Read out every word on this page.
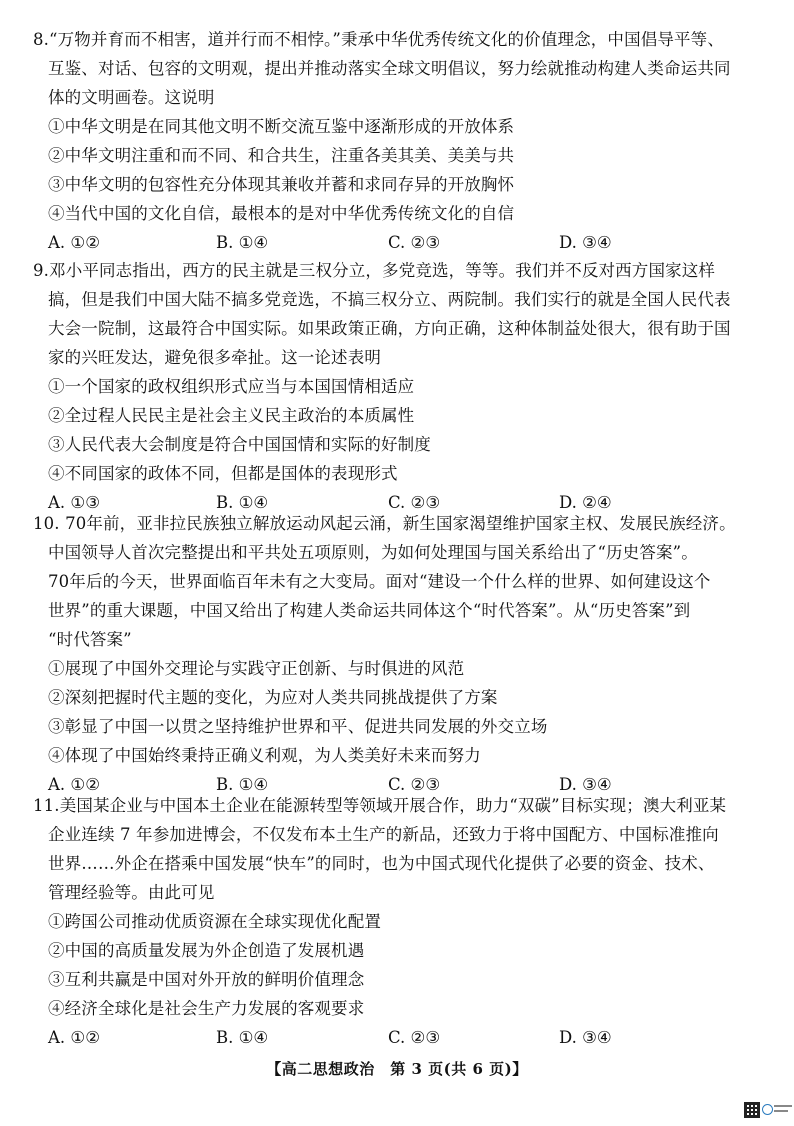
8.“万物并育而不相害，道并行而不相悖。”秉承中华优秀传统文化的价值理念，中国倡导平等、
互鉴、对话、包容的文明观，提出并推动落实全球文明倡议，努力绘就推动构建人类命运共同
体的文明画卷。这说明
①中华文明是在同其他文明不断交流互鉴中逐渐形成的开放体系
②中华文明注重和而不同、和合共生，注重各美其美、美美与共
③中华文明的包容性充分体现其兼收并蓄和求同存异的开放胸怀
④当代中国的文化自信，最根本的是对中华优秀传统文化的自信
A. ①②	B. ①④	C. ②③	D. ③④
9.邓小平同志指出，西方的民主就是三权分立，多党竞选，等等。我们并不反对西方国家这样
搞，但是我们中国大陆不搞多党竞选，不搞三权分立、两院制。我们实行的就是全国人民代表
大会一院制，这最符合中国实际。如果政策正确，方向正确，这种体制益处很大，很有助于国
家的兴旺发达，避免很多牵扯。这一论述表明
①一个国家的政权组织形式应当与本国国情相适应
②全过程人民民主是社会主义民主政治的本质属性
③人民代表大会制度是符合中国国情和实际的好制度
④不同国家的政体不同，但都是国体的表现形式
A. ①③	B. ①④	C. ②③	D. ②④
10. 70年前，亚非拉民族独立解放运动风起云涌，新生国家渴望维护国家主权、发展民族经济。
中国领导人首次完整提出和平共处五项原则，为如何处理国与国关系给出了“历史答案”。
70年后的今天，世界面临百年未有之大变局。面对“建设一个什么样的世界、如何建设这个
世界”的重大课题，中国又给出了构建人类命运共同体这个“时代答案”。从“历史答案”到
“时代答案”
①展现了中国外交理论与实践守正创新、与时俱进的风范
②深刻把握时代主题的变化，为应对人类共同挑战提供了方案
③彰显了中国一以贯之坚持维护世界和平、促进共同发展的外交立场
④体现了中国始终秉持正确义利观，为人类美好未来而努力
A. ①②	B. ①④	C. ②③	D. ③④
11.美国某企业与中国本土企业在能源转型等领域开展合作，助力“双碳”目标实现；澳大利亚某
企业连续 7 年参加进博会，不仅发布本土生产的新品，还致力于将中国配方、中国标准推向
世界……外企在搭乘中国发展“快车”的同时，也为中国式现代化提供了必要的资金、技术、
管理经验等。由此可见
①跨国公司推动优质资源在全球实现优化配置
②中国的高质量发展为外企创造了发展机遇
③互利共赢是中国对外开放的鲜明价值理念
④经济全球化是社会生产力发展的客观要求
A. ①②	B. ①④	C. ②③	D. ③④
【高二思想政治　第 3 页(共 6 页)】
